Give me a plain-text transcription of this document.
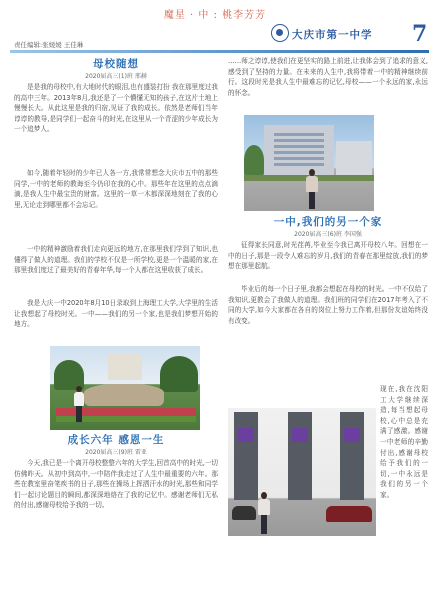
魔星 · 中 : 桃李芳芳
责任编辑:张媛媛 王佳琳
大庆市第一中学 7
母校随想
2020届高三(1)班 邢赫

是是我的母校中,有大地时代的眼泪,也有盛装打扮 我在那里度过我的高中三年。2013年8月,我还是了一个懵懂无知的孩子,在这片土地上慢慢长大。从此这里是我的归宿,见证了我的成长。依然是老师们当年谆谆的教导,是同学们一起奋斗的时光,在这里从一个青涩的少年成长为一个追梦人。

如今,随着年轻时的少年已人各一方,我常常想念大庆市五中的那些同学,一中的老师的教诲至今仍印在我的心中。那些年在这里的点点滴滴,是我人生中最宝贵的财富。这里的一草一木都深深地刻在了我的心里,无论走到哪里都不会忘记。

一中的精神激励着我们走向更远的地方,在那里我们学到了知识,也懂得了做人的道理。我们的学校不仅是一所学校,更是一个温暖的家,在那里我们度过了最美好的青春年华,每一个人都在这里收获了成长。

我是大庆一中2020年8月10日录取到上海理工大学,大学里的生活让我想起了母校时光。一中——我们的另一个家,也是我们梦想开始的地方。

成长六年 感恩一生
2020届高三(9)班 雷亚

今天,我已是一个离开母校整整六年的大学生,回首高中的时光,一切仿佛昨天。从初中到高中,一中陪伴我走过了人生中最重要的六年。那些在教室里奋笔疾书的日子,那些在操场上挥洒汗水的时光,那些和同学们一起讨论题目的瞬间,都深深地烙在了我的记忆中。感谢老师们无私的付出,感谢母校给予我的一切。

……师之谆谆,使我们在更坚实的路上前进,让我体会到了追求的意义,感受到了坚持的力量。在未来的人生中,我将带着一中的精神继续前行。这段时光是我人生中最难忘的记忆,母校——一个永远的家,永远的怀念。

一中,我们的另一个家
2020届高三(6)班 李国强

征得家长同意,时光荏苒,毕业至今我已离开母校八年。回想在一中的日子,那是一段令人难忘的岁月,我们的青春在那里绽放,我们的梦想在那里起航。

毕业后的每一个日子里,我都会想起在母校的时光。一中不仅给了我知识,更教会了我做人的道理。我们班的同学们在2017年考入了不同的大学,如今大家都在各自的岗位上努力工作着,但那份友谊始终没有改变。

现在,我在沈阳工大学继续深造,每当想起母校,心中总是充满了感激。感谢一中老师的辛勤付出,感谢母校给予我们的一切,一中永远是我们的另一个家。
